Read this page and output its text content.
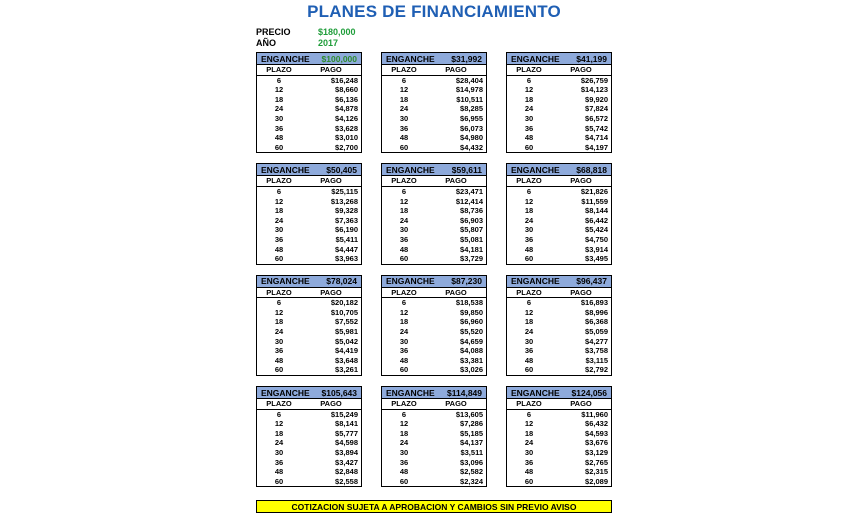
PLANES DE FINANCIAMIENTO
PRECIO	$180,000
AÑO	2017
ENGANCHE $100,000
PLAZO	PAGO
6	$16,248
12	$8,660
18	$6,136
24	$4,878
30	$4,126
36	$3,628
48	$3,010
60	$2,700
ENGANCHE $31,992
PLAZO	PAGO
6	$28,404
12	$14,978
18	$10,511
24	$8,285
30	$6,955
36	$6,073
48	$4,980
60	$4,432
ENGANCHE $41,199
PLAZO	PAGO
6	$26,759
12	$14,123
18	$9,920
24	$7,824
30	$6,572
36	$5,742
48	$4,714
60	$4,197
ENGANCHE $50,405
PLAZO	PAGO
6	$25,115
12	$13,268
18	$9,328
24	$7,363
30	$6,190
36	$5,411
48	$4,447
60	$3,963
ENGANCHE $59,611
PLAZO	PAGO
6	$23,471
12	$12,414
18	$8,736
24	$6,903
30	$5,807
36	$5,081
48	$4,181
60	$3,729
ENGANCHE $68,818
PLAZO	PAGO
6	$21,826
12	$11,559
18	$8,144
24	$6,442
30	$5,424
36	$4,750
48	$3,914
60	$3,495
ENGANCHE $78,024
PLAZO	PAGO
6	$20,182
12	$10,705
18	$7,552
24	$5,981
30	$5,042
36	$4,419
48	$3,648
60	$3,261
ENGANCHE $87,230
PLAZO	PAGO
6	$18,538
12	$9,850
18	$6,960
24	$5,520
30	$4,659
36	$4,088
48	$3,381
60	$3,026
ENGANCHE $96,437
PLAZO	PAGO
6	$16,893
12	$8,996
18	$6,368
24	$5,059
30	$4,277
36	$3,758
48	$3,115
60	$2,792
ENGANCHE $105,643
PLAZO	PAGO
6	$15,249
12	$8,141
18	$5,777
24	$4,598
30	$3,894
36	$3,427
48	$2,848
60	$2,558
ENGANCHE $114,849
PLAZO	PAGO
6	$13,605
12	$7,286
18	$5,185
24	$4,137
30	$3,511
36	$3,096
48	$2,582
60	$2,324
ENGANCHE $124,056
PLAZO	PAGO
6	$11,960
12	$6,432
18	$4,593
24	$3,676
30	$3,129
36	$2,765
48	$2,315
60	$2,089
COTIZACION SUJETA A APROBACION Y CAMBIOS SIN PREVIO AVISO
